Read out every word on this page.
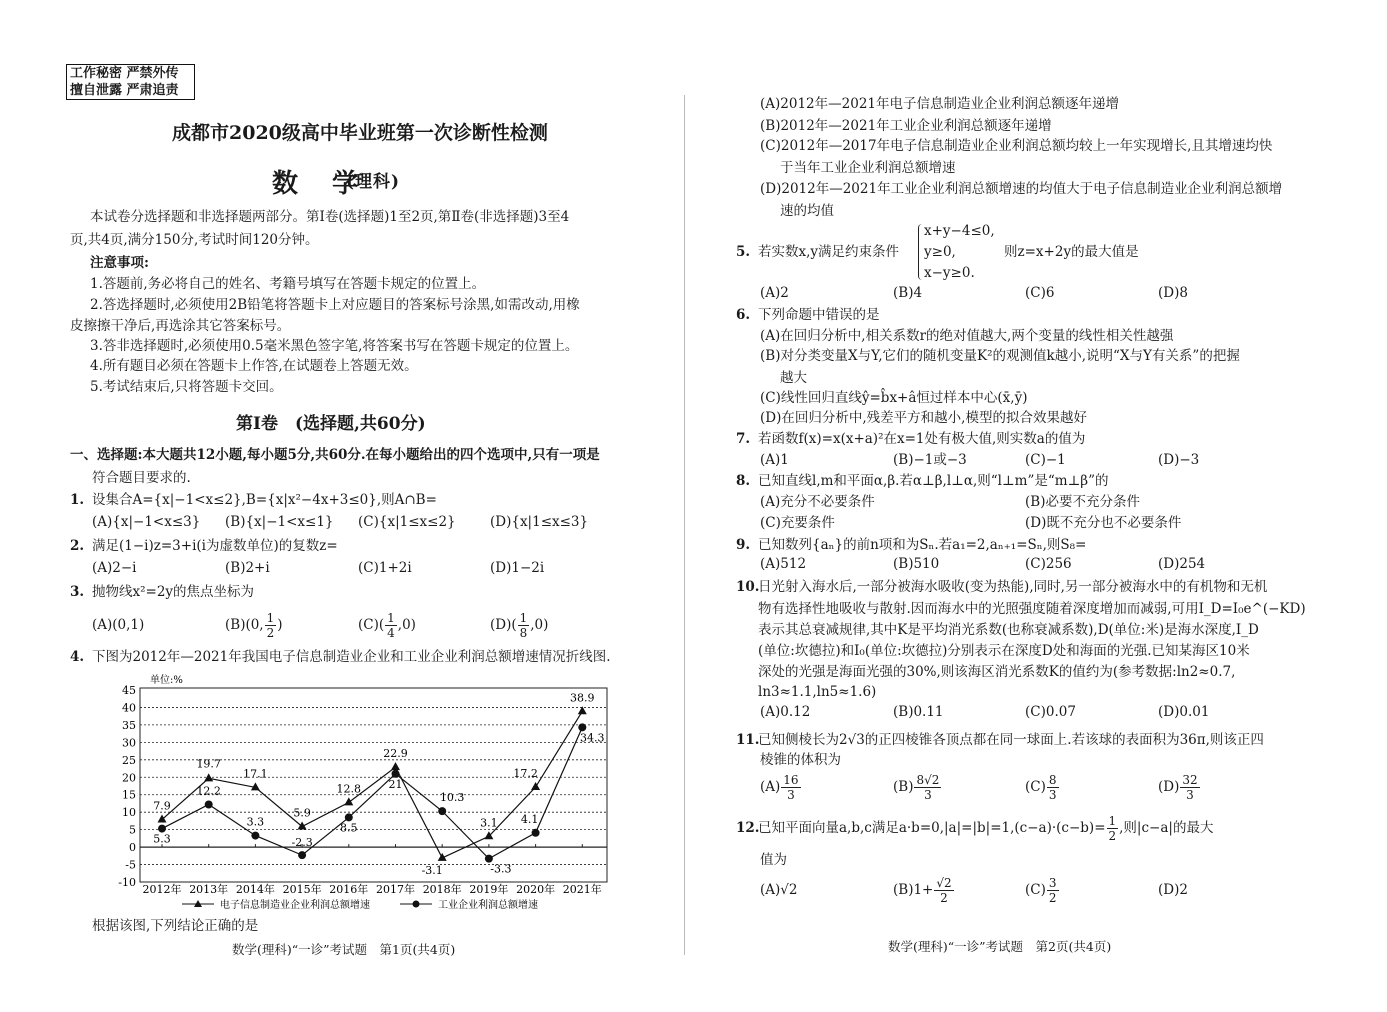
工作秘密 严禁外传
擅自泄露 严肃追责
成都市2020级高中毕业班第一次诊断性检测
数　学
(理科)
本试卷分选择题和非选择题两部分。第Ⅰ卷(选择题)1至2页,第Ⅱ卷(非选择题)3至4
页,共4页,满分150分,考试时间120分钟。
注意事项:
1.答题前,务必将自己的姓名、考籍号填写在答题卡规定的位置上。
2.答选择题时,必须使用2B铅笔将答题卡上对应题目的答案标号涂黑,如需改动,用橡
皮擦擦干净后,再选涂其它答案标号。
3.答非选择题时,必须使用0.5毫米黑色签字笔,将答案书写在答题卡规定的位置上。
4.所有题目必须在答题卡上作答,在试题卷上答题无效。
5.考试结束后,只将答题卡交回。
第Ⅰ卷　(选择题,共60分)
一、选择题:本大题共12小题,每小题5分,共60分.在每小题给出的四个选项中,只有一项是
符合题目要求的.
1. 设集合A={x|−1<x≤2},B={x|x²−4x+3≤0},则A∩B=
(A){x|−1<x≤3} (B){x|−1<x≤1} (C){x|1≤x≤2}	(D){x|1≤x≤3}
2. 满足(1−i)z=3+i(i为虚数单位)的复数z=
(A)2−i	(B)2+i	(C)1+2i	(D)1−2i
3. 抛物线x²=2y的焦点坐标为
(A)(0,1)	(B)(0, $\frac{1}{2}$ )	$(C)( \frac{1}{4} ,0)$	$(D)( \frac{1}{8} ,0)$
4. 下图为2012年—2021年我国电子信息制造业企业和工业企业利润总额增速情况折线图.
根据该图,下列结论正确的是
数学(理科)“一诊”考试题　第1页(共4页)
(A)2012年—2021年电子信息制造业企业利润总额逐年递增
(B)2012年—2021年工业企业利润总额逐年递增
(C)2012年—2017年电子信息制造业企业利润总额均较上一年实现增长,且其增速均快
于当年工业企业利润总额增速
(D)2012年—2021年工业企业利润总额增速的均值大于电子信息制造业企业利润总额增
速的均值
5. 若实数x,y满足约束条件
x+y−4≤0,
y≥0,
x−y≥0.
则z=x+2y的最大值是
(A)2	(B)4	(C)6	(D)8
6. 下列命题中错误的是
(A)在回归分析中,相关系数r的绝对值越大,两个变量的线性相关性越强
(B)对分类变量X与Y,它们的随机变量K²的观测值k越小,说明“X与Y有关系”的把握
越大
(C)线性回归直线ŷ=b̂x+â恒过样本中心(x̄,ȳ)
(D)在回归分析中,残差平方和越小,模型的拟合效果越好
7. 若函数f(x)=x(x+a)²在x=1处有极大值,则实数a的值为
(A)1	(B)−1或−3	(C)−1	(D)−3
8. 已知直线l,m和平面α,β.若α⊥β,l⊥α,则“l⊥m”是“m⊥β”的
(A)充分不必要条件	(B)必要不充分条件
(C)充要条件	(D)既不充分也不必要条件
9. 已知数列{aₙ}的前n项和为Sₙ.若a₁=2,aₙ₊₁=Sₙ,则S₈=
(A)512	(B)510	(C)256	(D)254
10.
日光射入海水后,一部分被海水吸收(变为热能),同时,另一部分被海水中的有机物和无机
物有选择性地吸收与散射.因而海水中的光照强度随着深度增加而减弱,可用I_D=I₀e^(−KD)
表示其总衰减规律,其中K是平均消光系数(也称衰减系数),D(单位:米)是海水深度,I_D
(单位:坎德拉)和I₀(单位:坎德拉)分别表示在深度D处和海面的光强.已知某海区10米
深处的光强是海面光强的30%,则该海区消光系数K的值约为(参考数据:ln2≈0.7,
ln3≈1.1,ln5≈1.6)
(A)0.12	(B)0.11	(C)0.07	(D)0.01
11.
已知侧棱长为2√3的正四棱锥各顶点都在同一球面上.若该球的表面积为36π,则该正四
棱锥的体积为
$(A) \frac{16}{3}$	$(B) \frac{8√2}{3}$	$(C) \frac{8}{3}$	$(D) \frac{32}{3}$
12.
已知平面向量a,b,c满足$a\cdot b=0,|a|=|b|=1,(c-a)\cdot(c-b)= \frac{1}{2}$ ,则|c−a|的最大
值为
(A)√2	$(B)1+ \frac{√2}{2}$	$(C) \frac{3}{2}$	(D)2
数学(理科)“一诊”考试题　第2页(共4页)
45
40
35
30
25
20
15
10
5
0
-5
-10
单位:%
2012年 2013年 2014年 2015年 2016年 2017年 2018年 2019年 2020年 2021年
7.9
19.7
17.1
5.9
12.8
22.9
-3.1
3.1
17.2
38.9
5.3
12.2
3.3
-2.3
8.5
21
10.3
-3.3
4.1
34.3
电子信息制造业企业利润总额增速	工业企业利润总额增速
